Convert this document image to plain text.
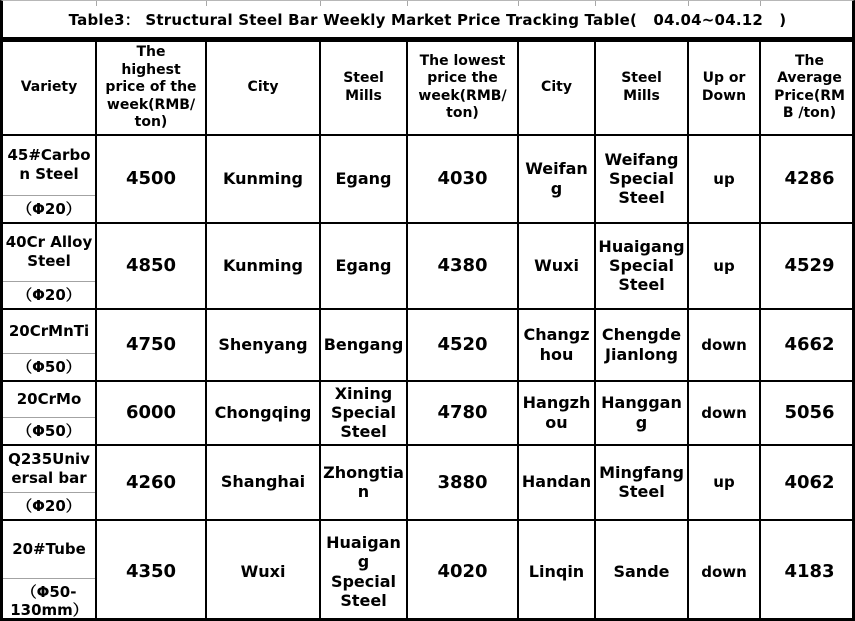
Table3： Structural Steel Bar Weekly Market Price Tracking Table(   04.04~04.12   )
Variety	The highest price of the week(RMB/ton)	City	Steel Mills	The lowest price the week(RMB/ton)	City	Steel Mills	Up or Down	The Average Price(RMB /ton)

45#Carbon Steel
（Φ20）	4500	Kunming	Egang	4030	Weifang	Weifang Special Steel	up	4286

40Cr Alloy Steel
（Φ20）	4850	Kunming	Egang	4380	Wuxi	Huaigang Special Steel	up	4529

20CrMnTi
（Φ50）	4750	Shenyang	Bengang	4520	Changzhou	Chengde Jianlong	down	4662

20CrMo
（Φ50）	6000	Chongqing	Xining Special Steel	4780	Hangzhou	Hanggang	down	5056

Q235Universal bar
（Φ20）	4260	Shanghai	Zhongtian	3880	Handan	Mingfang Steel	up	4062

20#Tube
（Φ50-130mm）	4350	Wuxi	Huaigang Special Steel	4020	Linqin	Sande	down	4183
